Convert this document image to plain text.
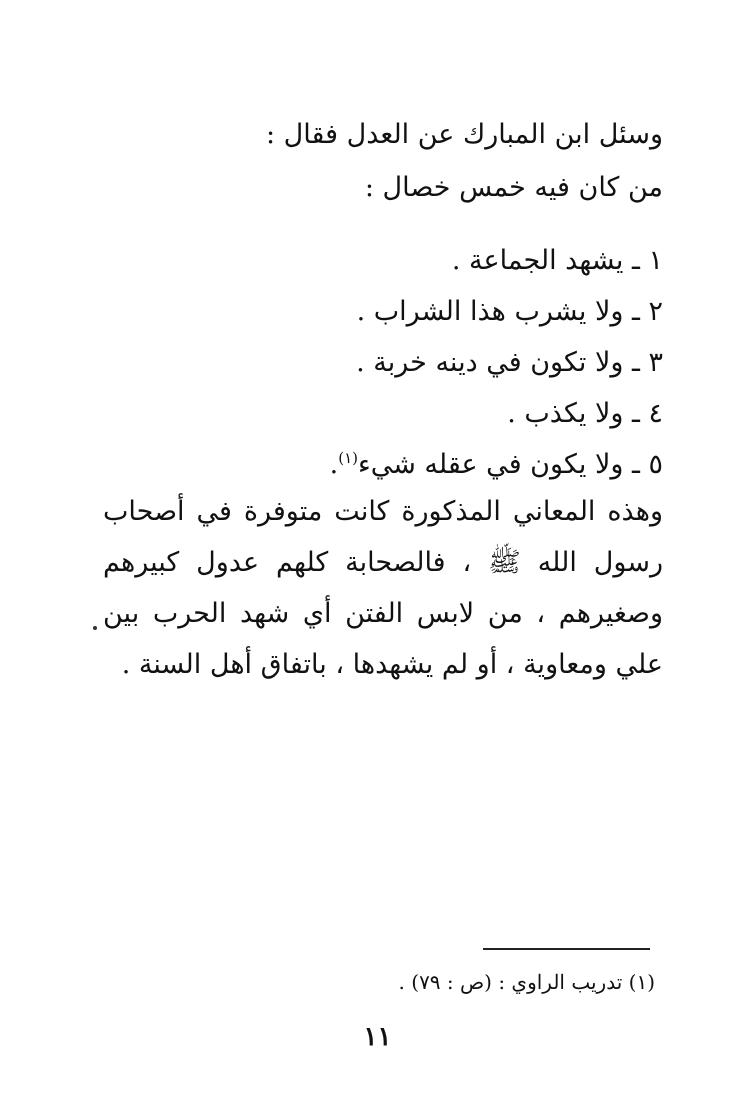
وسئل ابن المبارك عن العدل فقال :
من كان فيه خمس خصال :
١ ـ يشهد الجماعة .
٢ ـ ولا يشرب هذا الشراب .
٣ ـ ولا تكون في دينه خربة .
٤ ـ ولا يكذب .
٥ ـ ولا يكون في عقله شيء$^{(١)}$.
وهذه المعاني المذكورة كانت متوفرة في أصحاب رسول الله ﷺ ، فالصحابة كلهم عدول كبيرهم وصغيرهم ، من لابس الفتن أي شهد الحرب بين علي ومعاوية ، أو لم يشهدها ، باتفاق أهل السنة .
(١) تدريب الراوي : (ص : ٧٩) .
١١
